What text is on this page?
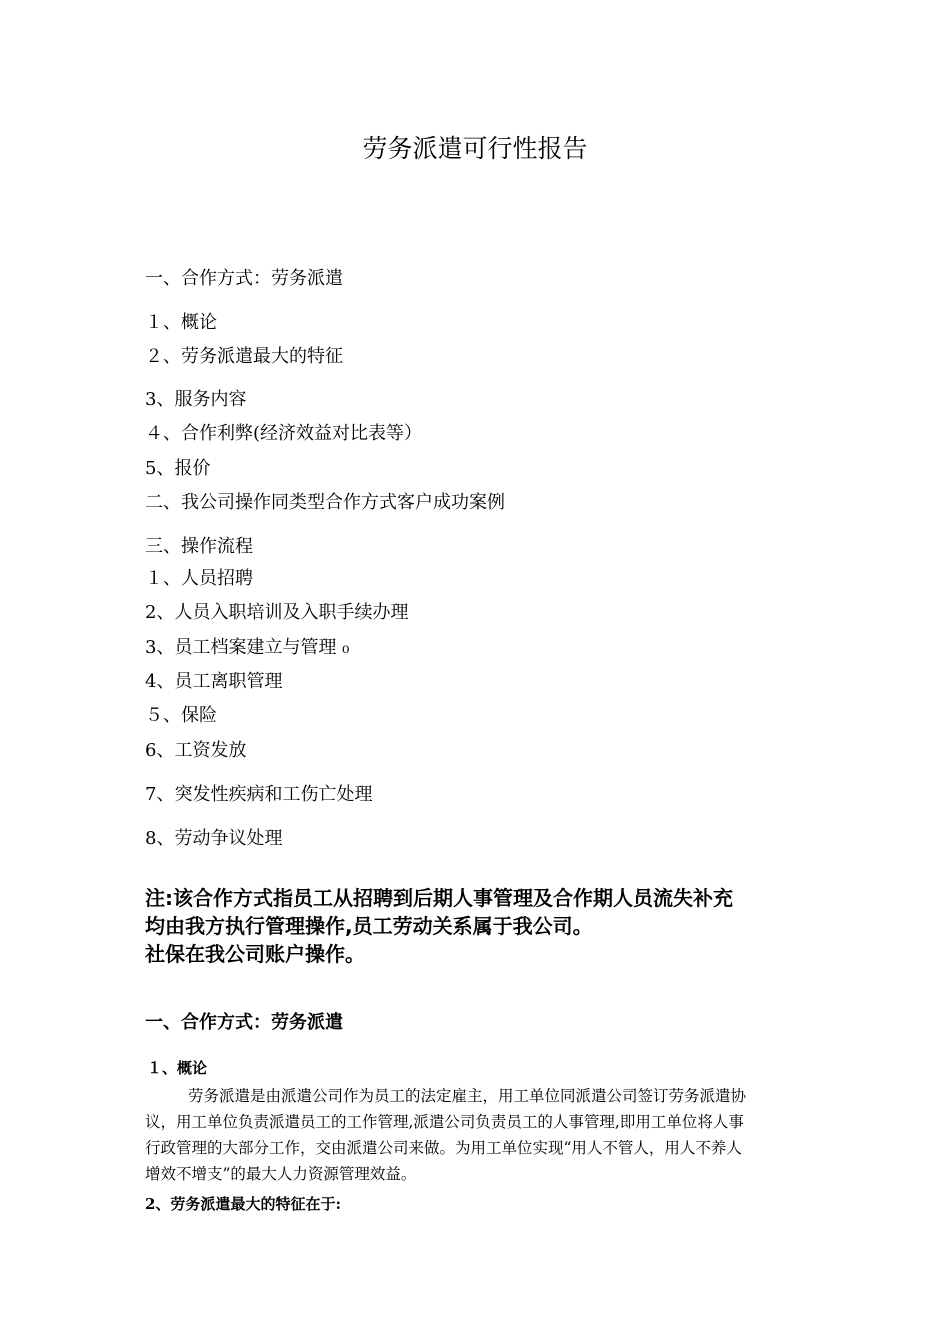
劳务派遣可行性报告
一、合作方式：劳务派遣
１、概论
２、劳务派遣最大的特征
3、服务内容
４、合作利弊(经济效益对比表等）
5、报价
二、我公司操作同类型合作方式客户成功案例
三、操作流程
１、人员招聘
2、人员入职培训及入职手续办理
3、员工档案建立与管理 ₀
4、员工离职管理
５、保险
6、工资发放
7、突发性疾病和工伤亡处理
8、劳动争议处理
注:该合作方式指员工从招聘到后期人事管理及合作期人员流失补充
均由我方执行管理操作,员工劳动关系属于我公司。
社保在我公司账户操作。
一、合作方式：劳务派遣
１、概论
劳务派遣是由派遣公司作为员工的法定雇主，用工单位同派遣公司签订劳务派遣协
议，用工单位负责派遣员工的工作管理,派遣公司负责员工的人事管理,即用工单位将人事
行政管理的大部分工作，交由派遣公司来做。为用工单位实现“用人不管人，用人不养人
增效不增支”的最大人力资源管理效益。
2、劳务派遣最大的特征在于:
